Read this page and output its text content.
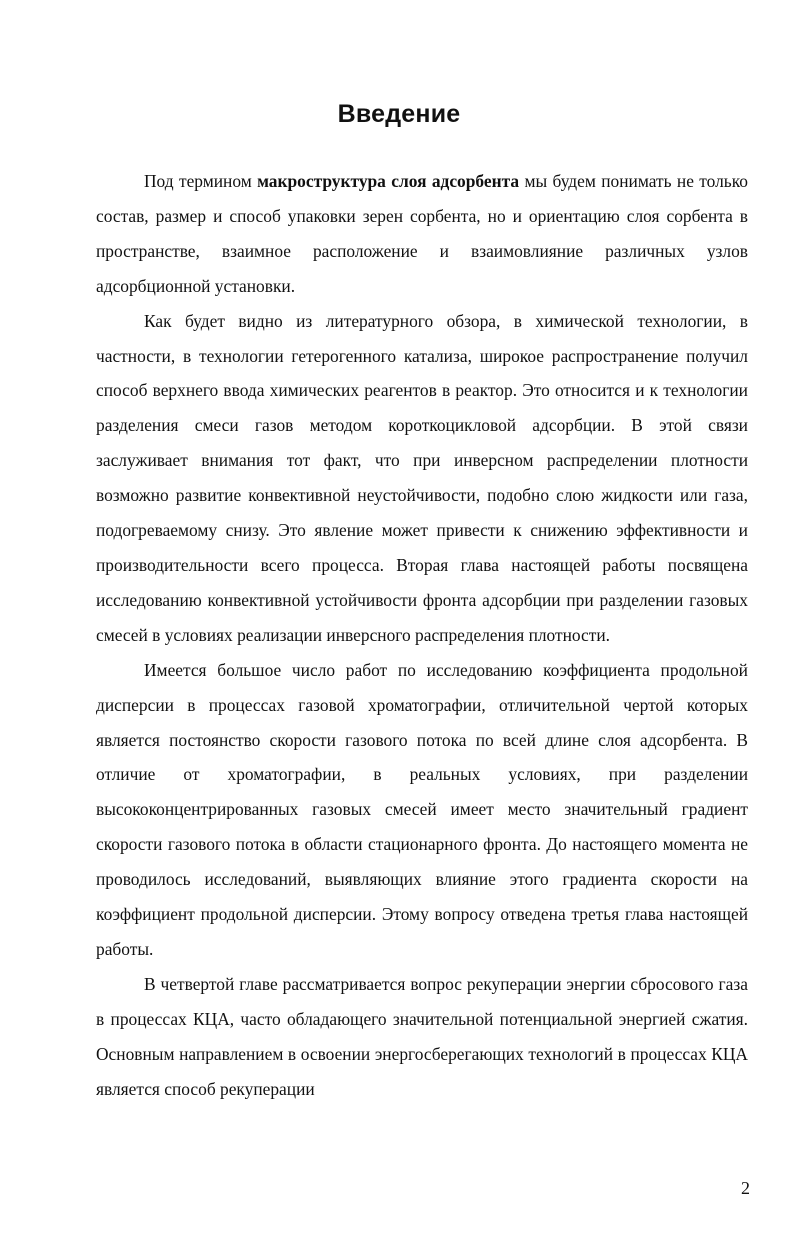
Введение

Под термином макроструктура слоя адсорбента мы будем понимать не только состав, размер и способ упаковки зерен сорбента, но и ориентацию слоя сорбента в пространстве, взаимное расположение и взаимовлияние различных узлов адсорбционной установки.

Как будет видно из литературного обзора, в химической технологии, в частности, в технологии гетерогенного катализа, широкое распространение получил способ верхнего ввода химических реагентов в реактор. Это относится и к технологии разделения смеси газов методом короткоцикловой адсорбции. В этой связи заслуживает внимания тот факт, что при инверсном распределении плотности возможно развитие конвективной неустойчивости, подобно слою жидкости или газа, подогреваемому снизу. Это явление может привести к снижению эффективности и производительности всего процесса. Вторая глава настоящей работы посвящена исследованию конвективной устойчивости фронта адсорбции при разделении газовых смесей в условиях реализации инверсного распределения плотности.

Имеется большое число работ по исследованию коэффициента продольной дисперсии в процессах газовой хроматографии, отличительной чертой которых является постоянство скорости газового потока по всей длине слоя адсорбента. В отличие от хроматографии, в реальных условиях, при разделении высококонцентрированных газовых смесей имеет место значительный градиент скорости газового потока в области стационарного фронта. До настоящего момента не проводилось исследований, выявляющих влияние этого градиента скорости на коэффициент продольной дисперсии. Этому вопросу отведена третья глава настоящей работы.

В четвертой главе рассматривается вопрос рекуперации энергии сбросового газа в процессах КЦА, часто обладающего значительной потенциальной энергией сжатия. Основным направлением в освоении энергосберегающих технологий в процессах КЦА является способ рекуперации

2
